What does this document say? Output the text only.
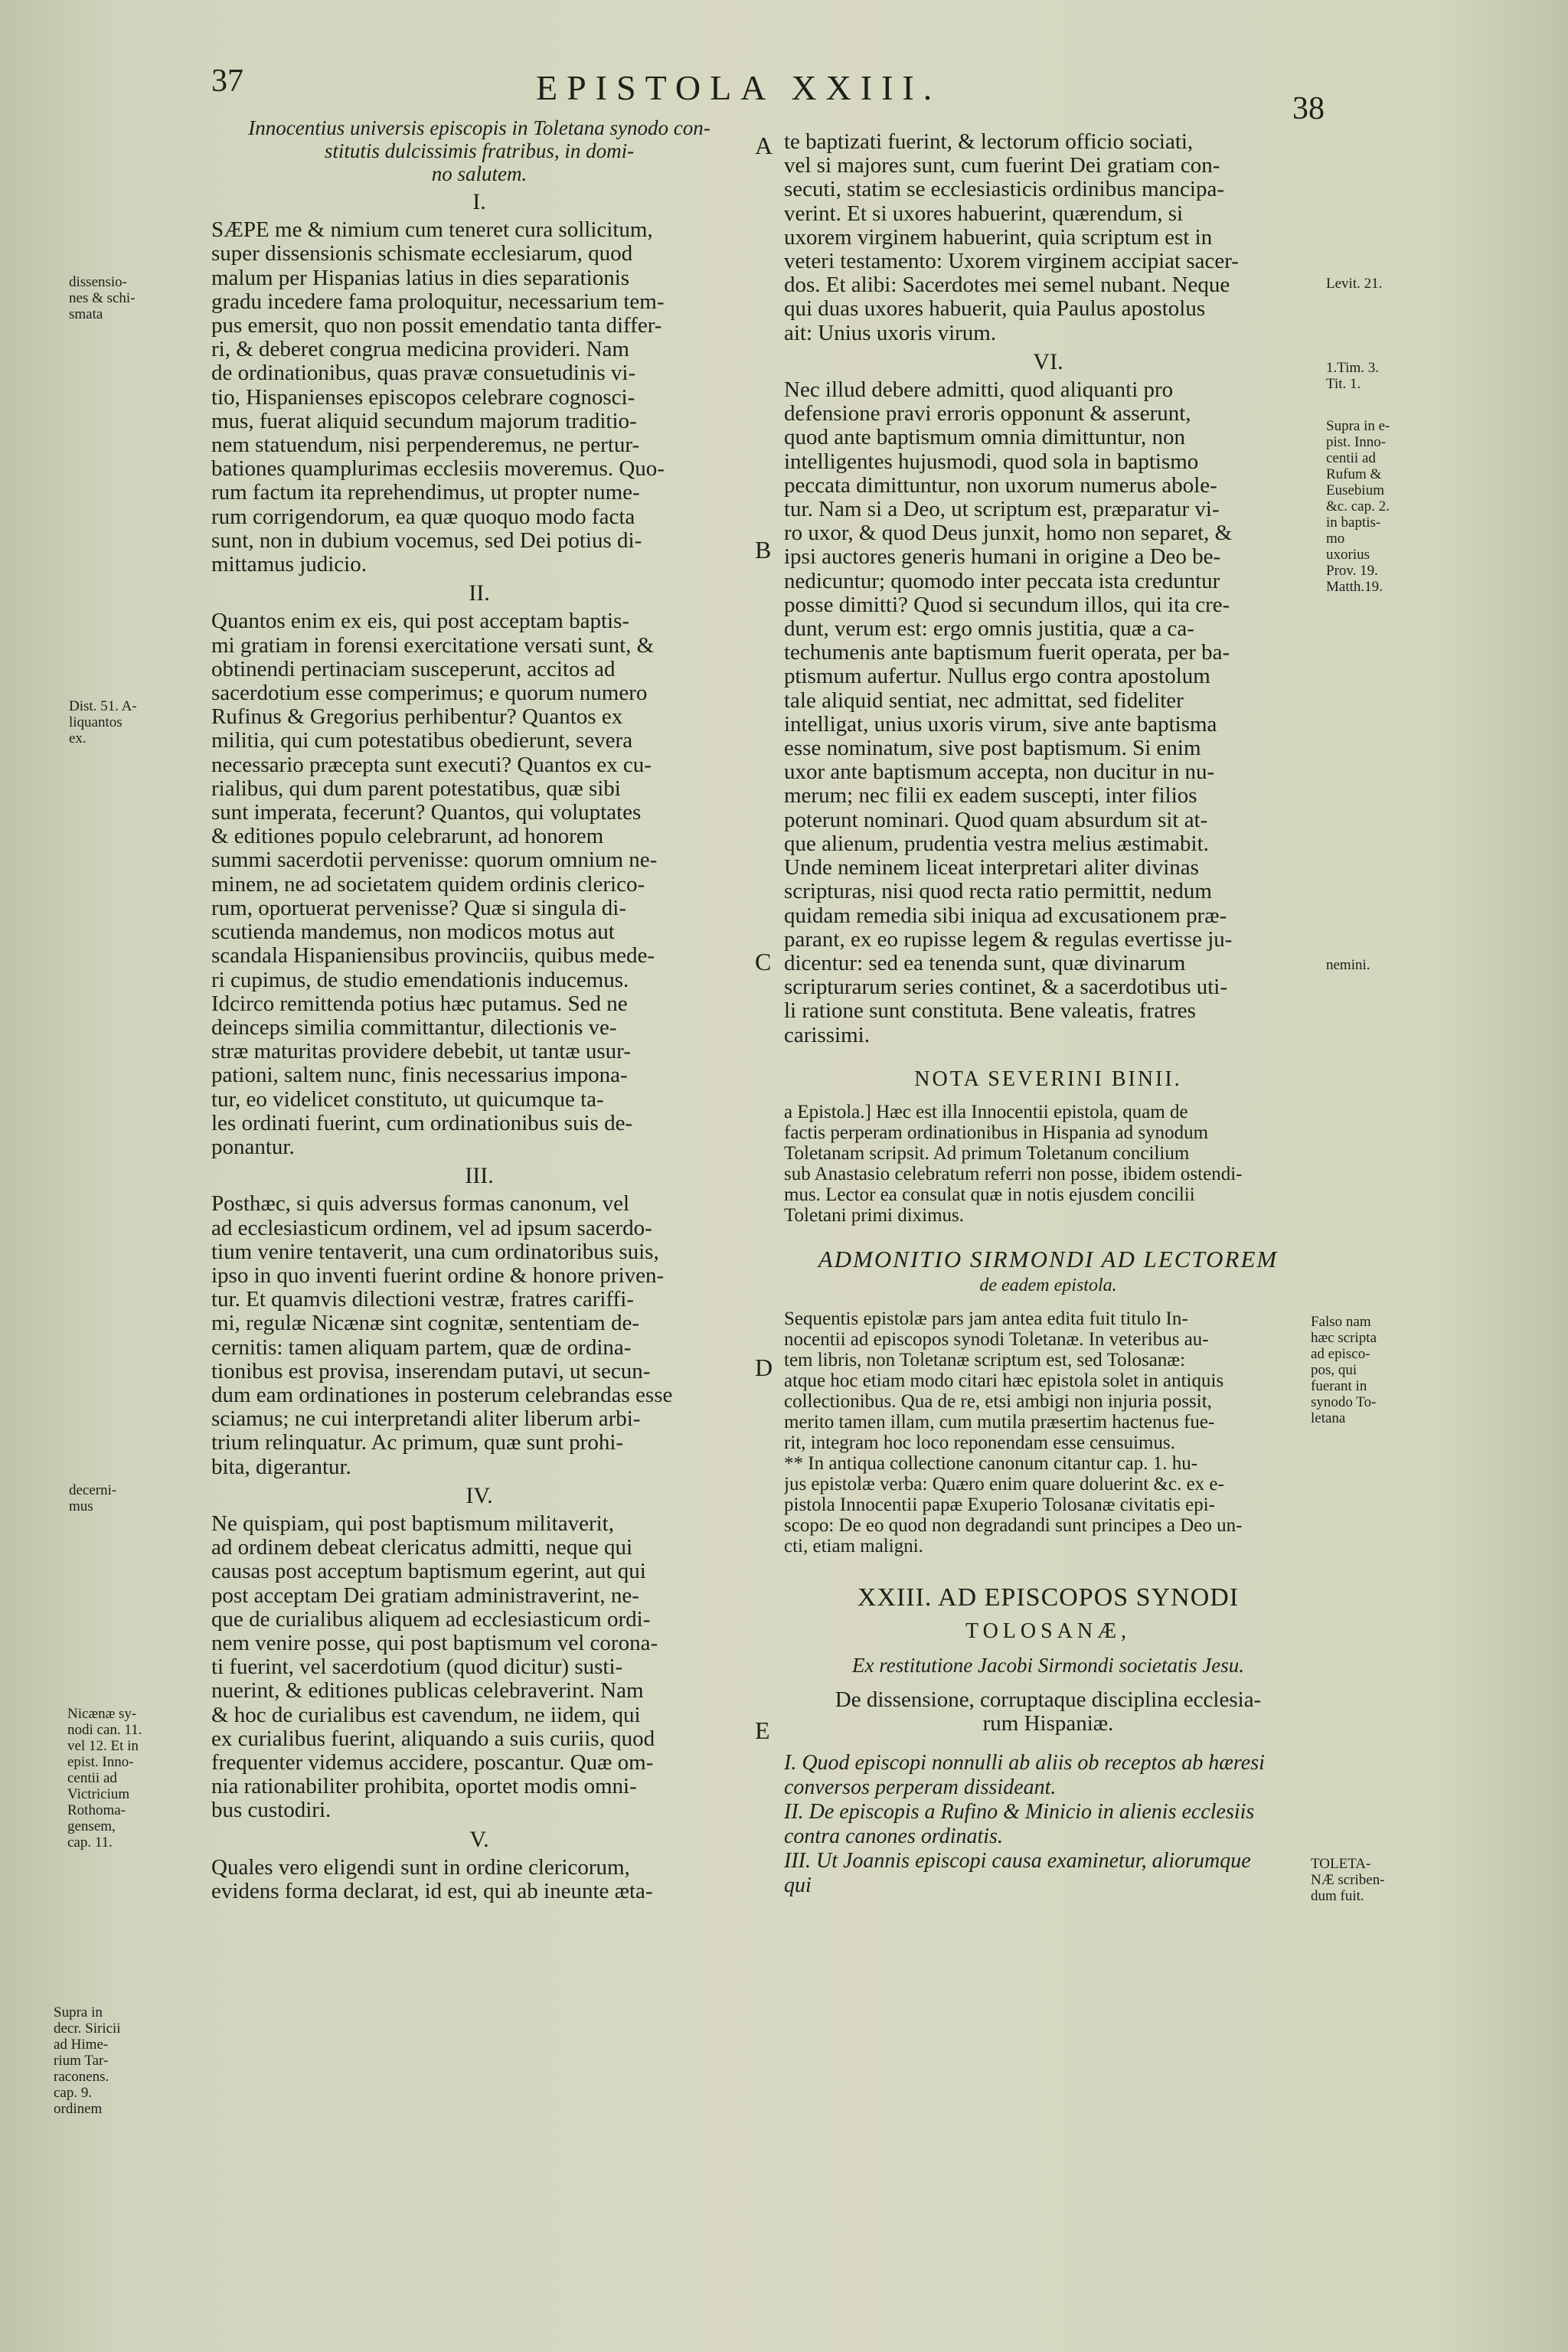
37	EPISTOLA XXIII.
38
Innocentius universis episcopis in Toletana synodo con-
stitutis dulcissimis fratribus, in domi-
no salutem.
I.
SÆPE me & nimium cum teneret cura sollicitum,
super dissensionis schismate ecclesiarum, quod
malum per Hispanias latius in dies separationis
gradu incedere fama proloquitur, necessarium tem-
pus emersit, quo non possit emendatio tanta differ-
ri, & deberet congrua medicina provideri. Nam
de ordinationibus, quas pravæ consuetudinis vi-
tio, Hispanienses episcopos celebrare cognosci-
mus, fuerat aliquid secundum majorum traditio-
nem statuendum, nisi perpenderemus, ne pertur-
bationes quamplurimas ecclesiis moveremus. Quo-
rum factum ita reprehendimus, ut propter nume-
rum corrigendorum, ea quæ quoquo modo facta
sunt, non in dubium vocemus, sed Dei potius di-
mittamus judicio.
II.
Quantos enim ex eis, qui post acceptam baptis-
mi gratiam in forensi exercitatione versati sunt, &
obtinendi pertinaciam susceperunt, accitos ad
sacerdotium esse comperimus; e quorum numero
Rufinus & Gregorius perhibentur? Quantos ex
militia, qui cum potestatibus obedierunt, severa
necessario præcepta sunt executi? Quantos ex cu-
rialibus, qui dum parent potestatibus, quæ sibi
sunt imperata, fecerunt? Quantos, qui voluptates
& editiones populo celebrarunt, ad honorem
summi sacerdotii pervenisse: quorum omnium ne-
minem, ne ad societatem quidem ordinis clerico-
rum, oportuerat pervenisse? Quæ si singula di-
scutienda mandemus, non modicos motus aut
scandala Hispaniensibus provinciis, quibus mede-
ri cupimus, de studio emendationis inducemus.
Idcirco remittenda potius hæc putamus. Sed ne
deinceps similia committantur, dilectionis ve-
stræ maturitas providere debebit, ut tantæ usur-
pationi, saltem nunc, finis necessarius impona-
tur, eo videlicet constituto, ut quicumque ta-
les ordinati fuerint, cum ordinationibus suis de-
ponantur.
III.
Posthæc, si quis adversus formas canonum, vel
ad ecclesiasticum ordinem, vel ad ipsum sacerdo-
tium venire tentaverit, una cum ordinatoribus suis,
ipso in quo inventi fuerint ordine & honore priven-
tur. Et quamvis dilectioni vestræ, fratres cariffi-
mi, regulæ Nicænæ sint cognitæ, sententiam de-
cernitis: tamen aliquam partem, quæ de ordina-
tionibus est provisa, inserendam putavi, ut secun-
dum eam ordinationes in posterum celebrandas esse
sciamus; ne cui interpretandi aliter liberum arbi-
trium relinquatur. Ac primum, quæ sunt prohi-
bita, digerantur.
IV.
Ne quispiam, qui post baptismum militaverit,
ad ordinem debeat clericatus admitti, neque qui
causas post acceptum baptismum egerint, aut qui
post acceptam Dei gratiam administraverint, ne-
que de curialibus aliquem ad ecclesiasticum ordi-
nem venire posse, qui post baptismum vel corona-
ti fuerint, vel sacerdotium (quod dicitur) susti-
nuerint, & editiones publicas celebraverint. Nam
& hoc de curialibus est cavendum, ne iidem, qui
ex curialibus fuerint, aliquando a suis curiis, quod
frequenter videmus accidere, poscantur. Quæ om-
nia rationabiliter prohibita, oportet modis omni-
bus custodiri.
V.
Quales vero eligendi sunt in ordine clericorum,
evidens forma declarat, id est, qui ab ineunte æta-
dissensio-
nes & schi-
smata
Dist. 51. A-
liquantos
ex.
decerni-
mus
Nicænæ sy-
nodi can. 11.
vel 12. Et in
epist. Inno-
centii ad
Victricium
Rothoma-
gensem,
cap. 11.
Supra in
decr. Siricii
ad Hime-
rium Tar-
raconens.
cap. 9.
ordinem
A
B
C
D
E
te baptizati fuerint, & lectorum officio sociati,
vel si majores sunt, cum fuerint Dei gratiam con-
secuti, statim se ecclesiasticis ordinibus mancipa-
verint. Et si uxores habuerint, quærendum, si
uxorem virginem habuerint, quia scriptum est in
veteri testamento: Uxorem virginem accipiat sacer-
dos. Et alibi: Sacerdotes mei semel nubant. Neque
qui duas uxores habuerit, quia Paulus apostolus
ait: Unius uxoris virum.
VI.
Nec illud debere admitti, quod aliquanti pro
defensione pravi erroris opponunt & asserunt,
quod ante baptismum omnia dimittuntur, non
intelligentes hujusmodi, quod sola in baptismo
peccata dimittuntur, non uxorum numerus abole-
tur. Nam si a Deo, ut scriptum est, præparatur vi-
ro uxor, & quod Deus junxit, homo non separet, &
ipsi auctores generis humani in origine a Deo be-
nedicuntur; quomodo inter peccata ista creduntur
posse dimitti? Quod si secundum illos, qui ita cre-
dunt, verum est: ergo omnis justitia, quæ a ca-
techumenis ante baptismum fuerit operata, per ba-
ptismum aufertur. Nullus ergo contra apostolum
tale aliquid sentiat, nec admittat, sed fideliter
intelligat, unius uxoris virum, sive ante baptisma
esse nominatum, sive post baptismum. Si enim
uxor ante baptismum accepta, non ducitur in nu-
merum; nec filii ex eadem suscepti, inter filios
poterunt nominari. Quod quam absurdum sit at-
que alienum, prudentia vestra melius æstimabit.
Unde neminem liceat interpretari aliter divinas
scripturas, nisi quod recta ratio permittit, nedum
quidam remedia sibi iniqua ad excusationem præ-
parant, ex eo rupisse legem & regulas evertisse ju-
dicentur: sed ea tenenda sunt, quæ divinarum
scripturarum series continet, & a sacerdotibus uti-
li ratione sunt constituta. Bene valeatis, fratres
carissimi.
NOTA SEVERINI BINII.
a Epistola.] Hæc est illa Innocentii epistola, quam de
factis perperam ordinationibus in Hispania ad synodum
Toletanam scripsit. Ad primum Toletanum concilium
sub Anastasio celebratum referri non posse, ibidem ostendi-
mus. Lector ea consulat quæ in notis ejusdem concilii
Toletani primi diximus.
ADMONITIO SIRMONDI AD LECTOREM
de eadem epistola.
Sequentis epistolæ pars jam antea edita fuit titulo In-
nocentii ad episcopos synodi Toletanæ. In veteribus au-
tem libris, non Toletanæ scriptum est, sed Tolosanæ:
atque hoc etiam modo citari hæc epistola solet in antiquis
collectionibus. Qua de re, etsi ambigi non injuria possit,
merito tamen illam, cum mutila præsertim hactenus fue-
rit, integram hoc loco reponendam esse censuimus.
** In antiqua collectione canonum citantur cap. 1. hu-
jus epistolæ verba: Quæro enim quare doluerint &c. ex e-
pistola Innocentii papæ Exuperio Tolosanæ civitatis epi-
scopo: De eo quod non degradandi sunt principes a Deo un-
cti, etiam maligni.
XXIII. AD EPISCOPOS SYNODI
TOLOSANÆ,
Ex restitutione Jacobi Sirmondi societatis Jesu.
De dissensione, corruptaque disciplina ecclesia-
rum Hispaniæ.
I. Quod episcopi nonnulli ab aliis ob receptos ab hæresi
conversos perperam dissideant.
II. De episcopis a Rufino & Minicio in alienis ecclesiis
contra canones ordinatis.
III. Ut Joannis episcopi causa examinetur, aliorumque
qui
Levit. 21.
1.Tim. 3.
Tit. 1.
Supra in e-
pist. Inno-
centii ad
Rufum &
Eusebium
&c. cap. 2.
in baptis-
mo
uxorius
Prov. 19.
Matth.19.
nemini.
Falso nam
hæc scripta
ad episco-
pos, qui
fuerant in
synodo To-
letana
TOLETA-
NÆ scriben-
dum fuit.
